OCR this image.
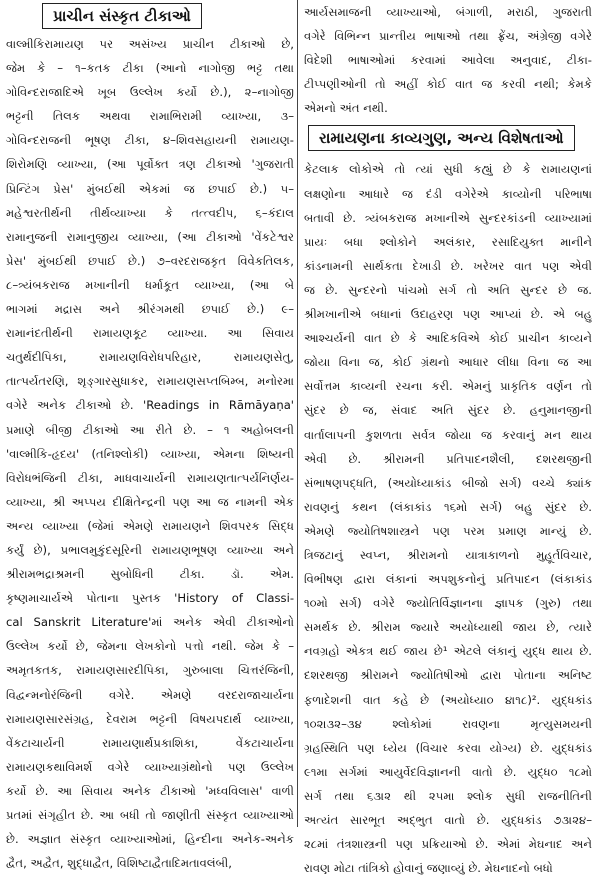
પ્રાચીન સંસ્કૃત ટીકાઓ
વાલ્મીકિરામાયણ પર અસંખ્ય પ્રાચીન ટીકાઓ છે,
જેમ કે – ૧–કતક ટીકા (આનો નાગોજી ભટ્ટ તથા
ગોવિન્દરાજાદિએ ખૂબ ઉલ્લેખ કર્યો છે.), ૨–નાગોજી
ભટ્ટની તિલક અથવા રામાભિરામી વ્યાખ્યા, ૩–
ગોવિન્દરાજની ભૂષણ ટીકા, ૪–શિવસહાયની રામાયણ-
શિરોમણિ વ્યાખ્યા, (આ પૂર્વોક્ત ત્રણ ટીકાઓ 'ગુજરાતી
પ્રિન્ટિંગ પ્રેસ' મુંબઈથી એકમાં જ છપાઈ છે.) ૫–
મહેશ્વરતીર્થની તીર્થવ્યાખ્યા કે તત્ત્વદીપ, ૬–કંદાલ
રામાનુજની રામાનુજીય વ્યાખ્યા, (આ ટીકાઓ 'વેંકટેશ્વર
પ્રેસ' મુંબઈથી છપાઈ છે.) ૭–વરદરાજકૃત વિવેકતિલક,
૮–ત્ર્યંબકરાજ મખાનીની ધર્માકૂત વ્યાખ્યા, (આ બે
ભાગમાં મદ્રાસ અને શ્રીરંગમથી છપાઈ છે.) ૯–
રામાનંદતીર્થની રામાયણકૂટ વ્યાખ્યા. આ સિવાય
ચતુર્થદીપિકા, રામાયણવિરોધપરિહાર, રામાયણસેતુ,
તાત્પર્યતરણિ, શૃઙ્ગારસુધાકર, રામાયણસપ્તબિમ્બ, મનોરમા
વગેરે અનેક ટીકાઓ છે. 'Readings in Rāmāyaṇa'
પ્રમાણે બીજી ટીકાઓ આ રીતે છે. – ૧ અહોબલની
'વાલ્મીકિ-હૃદય' (તનિશ્લોકી) વ્યાખ્યા, એમના શિષ્યની
વિરોધભંજિની ટીકા, માધવાચાર્યની રામાયણતાત્પર્યનિર્ણય-
વ્યાખ્યા, શ્રી અપ્પય દીક્ષિતેન્દ્રની પણ આ જ નામની એક
અન્ય વ્યાખ્યા (જેમાં એમણે રામાયણને શિવપરક સિદ્ધ
કર્યું છે), પ્રભાલમુકુંદસૂરિની રામાયણભૂષણ વ્યાખ્યા અને
શ્રીરામભદ્રાશ્રમની સુબોધિની ટીકા. ડૉ. એમ.
કૃષ્ણમાચાર્યએ પોતાના પુસ્તક 'History of Classi-
cal Sanskrit Literature'માં અનેક એવી ટીકાઓનો
ઉલ્લેખ કર્યો છે, જેમના લેખકોનો પત્તો નથી. જેમ કે –
અમૃતકતક, રામાયણસારદીપિકા, ગુરુબાલા ચિત્તરંજિની,
વિદ્વન્મનોરંજિની વગેરે. એમણે વરદરાજાચાર્યના
રામાયણસારસંગ્રહ, દેવરામ ભટ્ટની વિષયપદાર્થ વ્યાખ્યા,
વેંકટાચાર્યની રામાયણાર્થપ્રકાશિકા, વેંકટાચાર્યના
રામાયણકથાવિમર્શ વગેરે વ્યાખ્યાગ્રંથોનો પણ ઉલ્લેખ
કર્યો છે. આ સિવાય અનેક ટીકાઓ 'મધ્વવિલાસ' વાળી
પ્રતમાં સંગૃહીત છે. આ બધી તો જાણીતી સંસ્કૃત વ્યાખ્યાઓ
છે. અજ્ઞાત સંસ્કૃત વ્યાખ્યાઓમાં, હિન્દીના અનેક-અનેક
દ્વૈત, અદ્વૈત, શુદ્ધાદ્વૈત, વિશિષ્ટાદ્વૈતાદિમતાવલંબી,
આર્યસમાજની વ્યાખ્યાઓ, બંગાળી, મરાઠી, ગુજરાતી
વગેરે વિભિન્ન પ્રાન્તીય ભાષાઓ તથા ફ્રેંચ, અંગ્રેજી વગેરે
વિદેશી ભાષાઓમાં કરવામાં આવેલા અનુવાદ, ટીકા-
ટીપ્પણીઓની તો અહીં કોઈ વાત જ કરવી નથી; કેમકે
એમનો અંત નથી.
રામાયણના કાવ્યગુણ, અન્ય વિશેષતાઓ
કેટલાક લોકોએ તો ત્યાં સુધી કહ્યું છે કે રામાયણનાં
લક્ષણોના આધારે જ દંડી વગેરેએ કાવ્યોની પરિભાષા
બતાવી છે. ત્ર્યંબકરાજ મખાનીએ સુન્દરકાંડની વ્યાખ્યામાં
પ્રાયઃ બધા શ્લોકોને અલંકાર, રસાદિયુક્ત માનીને
કાંડનામની સાર્થકતા દેખાડી છે. ખરેખર વાત પણ એવી
જ છે. સુન્દરનો પાંચમો સર્ગ તો અતિ સુન્દર છે જ.
શ્રીમખાનીએ બધાનાં ઉદાહરણ પણ આપ્યાં છે. એ બહુ
આશ્ચર્યની વાત છે કે આદિકવિએ કોઈ પ્રાચીન કાવ્યને
જોયા વિના જ, કોઈ ગ્રંથનો આધાર લીધા વિના જ આ
સર્વોત્તમ કાવ્યની રચના કરી. એમનું પ્રાકૃતિક વર્ણન તો
સુંદર છે જ, સંવાદ અતિ સુંદર છે. હનુમાનજીની
વાર્તાલાપની કુશળતા સર્વત્ર જોયા જ કરવાનું મન થાય
એવી છે. શ્રીરામની પ્રતિપાદનશૈલી, દશરથજીની
સંભાષણપદ્ધતિ, (અયોધ્યાકાંડ બીજો સર્ગ) વચ્ચે ક્યાંક
રાવણનું કથન (લંકાકાંડ ૧૬મો સર્ગ) બહુ સુંદર છે.
એમણે જ્યોતિષશાસ્ત્રને પણ પરમ પ્રમાણ માન્યું છે.
ત્રિજટાનું સ્વપ્ન, શ્રીરામનો યાત્રાકાળનો મુહૂર્તવિચાર,
વિભીષણ દ્વારા લંકાનાં અપશુકનોનું પ્રતિપાદન (લંકાકાંડ
૧૦મો સર્ગ) વગેરે જ્યોતિર્વિજ્ઞાનના જ્ઞાપક (ગુરુ) તથા
સમર્થક છે. શ્રીરામ જ્યારે અયોધ્યાથી જાય છે, ત્યારે
નવગ્રહો એકત્ર થઈ જાય છે¹ એટલે લંકાનું યુદ્ધ થાય છે.
દશરથજી શ્રીરામને જ્યોતિષીઓ દ્વારા પોતાના અનિષ્ટ
ફળાદેશની વાત કહે છે (અયોધ્યા૦ ૪।૧૮)². યુદ્ધકાંડ
૧૦૨।૩૨–૩૪ શ્લોકોમાં રાવણના મૃત્યુસમયની
ગ્રહસ્થિતિ પણ ધ્યેય (વિચાર કરવા યોગ્ય) છે. યુદ્ધકાંડ
૯૧મા સર્ગમાં આયુર્વેદવિજ્ઞાનની વાતો છે. યુદ્ધ૦ ૧૮મો
સર્ગ તથા ૬૩।૨ થી ૨૫મા શ્લોક સુધી રાજનીતિની
અત્યંત સારભૂત અદ્ભુત વાતો છે. યુદ્ધકાંડ ૭૩।૨૪–
૨૮માં તંત્રશાસ્ત્રની પણ પ્રક્રિયાઓ છે. એમાં મેઘનાદ અને
રાવણ મોટા તાંત્રિકો હોવાનું જણાવ્યું છે. મેઘનાદનો બધો
